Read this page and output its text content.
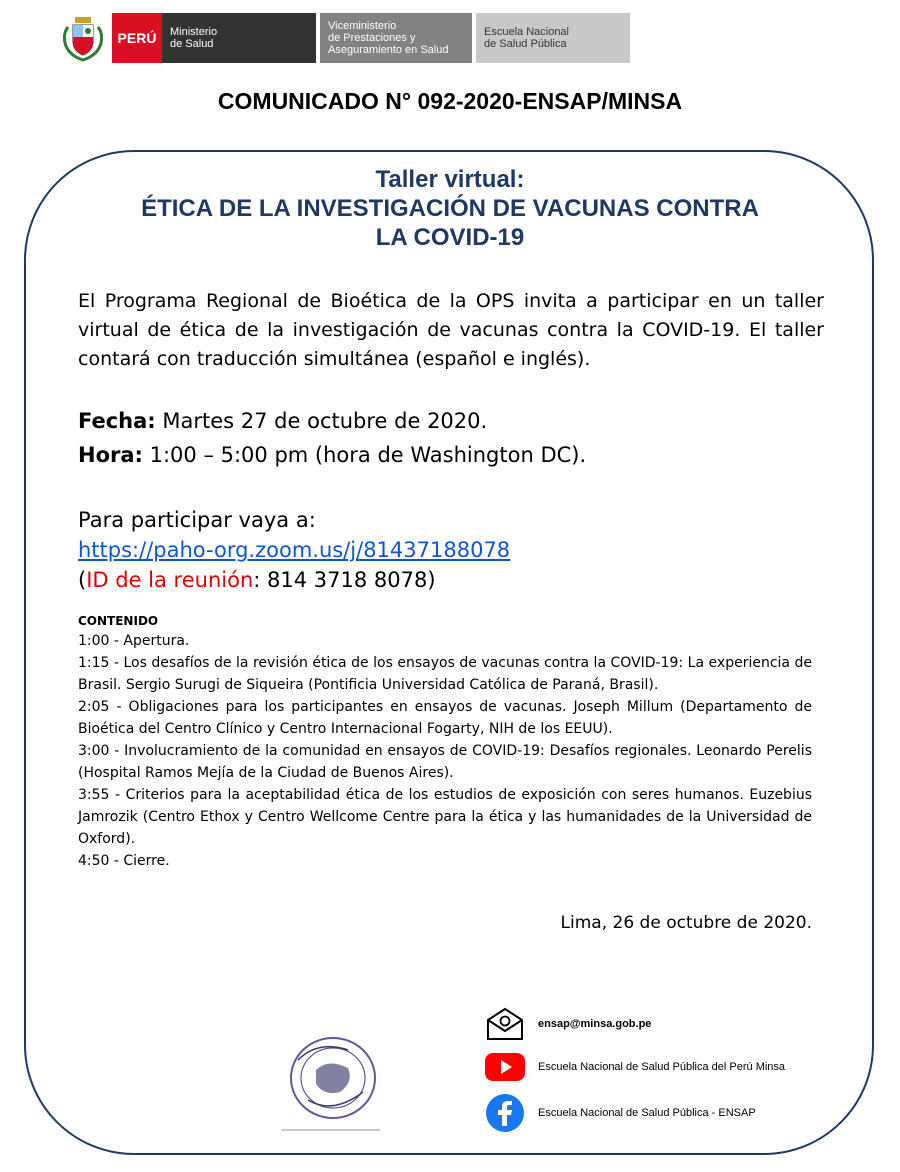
PERÚ	Ministerio
de Salud
Viceministerio
de Prestaciones y
Aseguramiento en Salud
Escuela Nacional
de Salud Pública
COMUNICADO N° 092-2020-ENSAP/MINSA
Taller virtual:
ÉTICA DE LA INVESTIGACIÓN DE VACUNAS CONTRA
LA COVID-19
El Programa Regional de Bioética de la OPS invita a participar en un taller virtual de ética de la investigación de vacunas contra la COVID-19. El taller contará con traducción simultánea (español e inglés).
Fecha: Martes 27 de octubre de 2020.
Hora: 1:00 – 5:00 pm (hora de Washington DC).
Para participar vaya a:
https://paho-org.zoom.us/j/81437188078
(ID de la reunión: 814 3718 8078)

CONTENIDO

1:00 - Apertura.

1:15 - Los desafíos de la revisión ética de los ensayos de vacunas contra la COVID-19: La experiencia de Brasil. Sergio Surugi de Siqueira (Pontificia Universidad Católica de Paraná, Brasil).

2:05 - Obligaciones para los participantes en ensayos de vacunas. Joseph Millum (Departamento de Bioética del Centro Clínico y Centro Internacional Fogarty, NIH de los EEUU).

3:00 - Involucramiento de la comunidad en ensayos de COVID-19: Desafíos regionales. Leonardo Perelis (Hospital Ramos Mejía de la Ciudad de Buenos Aires).

3:55 - Criterios para la aceptabilidad ética de los estudios de exposición con seres humanos. Euzebius Jamrozik (Centro Ethox y Centro Wellcome Centre para la ética y las humanidades de la Universidad de Oxford).

4:50 - Cierre.

Lima, 26 de octubre de 2020.
ensap@minsa.gob.pe
Escuela Nacional de Salud Pública del Perú Minsa
Escuela Nacional de Salud Pública - ENSAP
